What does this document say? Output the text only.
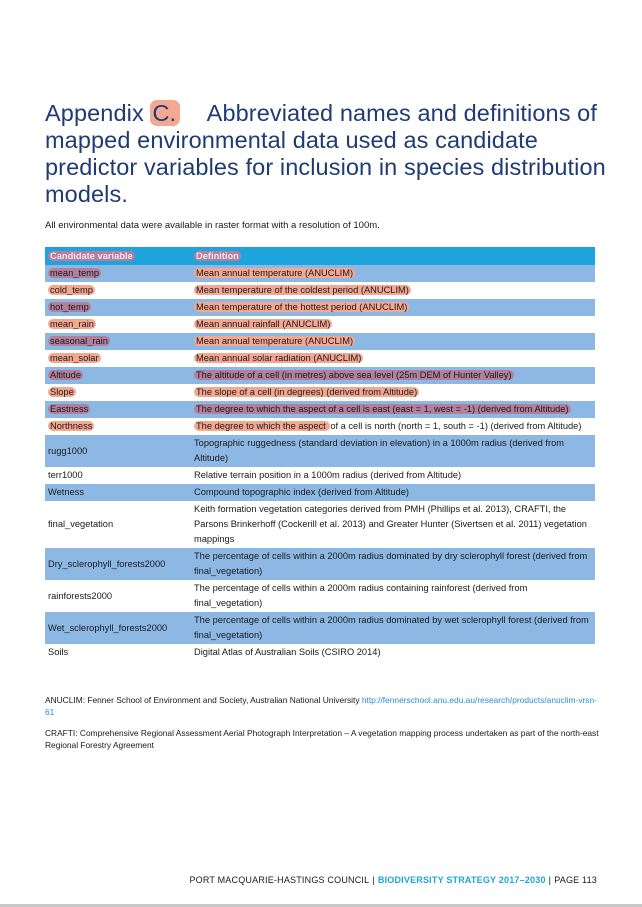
Appendix C. Abbreviated names and definitions of mapped environmental data used as candidate predictor variables for inclusion in species distribution models.
All environmental data were available in raster format with a resolution of 100m.
Candidate variable	Definition
mean_temp	Mean annual temperature (ANUCLIM)
cold_temp	Mean temperature of the coldest period (ANUCLIM)
hot_temp	Mean temperature of the hottest period (ANUCLIM)
mean_rain	Mean annual rainfall (ANUCLIM)
seasonal_rain	Mean annual temperature (ANUCLIM)
mean_solar	Mean annual solar radiation (ANUCLIM)
Altitude	The altitude of a cell (in metres) above sea level (25m DEM of Hunter Valley)
Slope	The slope of a cell (in degrees) (derived from Altitude)
Eastness	The degree to which the aspect of a cell is east (east = 1, west = -1) (derived from Altitude)
Northness	The degree to which the aspect of a cell is north (north = 1, south = -1) (derived from Altitude)
rugg1000	Topographic ruggedness (standard deviation in elevation) in a 1000m radius (derived from Altitude)
terr1000	Relative terrain position in a 1000m radius (derived from Altitude)
Wetness	Compound topographic index (derived from Altitude)
final_vegetation	Keith formation vegetation categories derived from PMH (Phillips et al. 2013), CRAFTI, the Parsons Brinkerhoff (Cockerill et al. 2013) and Greater Hunter (Sivertsen et al. 2011) vegetation mappings
Dry_sclerophyll_forests2000	The percentage of cells within a 2000m radius dominated by dry sclerophyll forest (derived from final_vegetation)
rainforests2000	The percentage of cells within a 2000m radius containing rainforest (derived from final_vegetation)
Wet_sclerophyll_forests2000	The percentage of cells within a 2000m radius dominated by wet sclerophyll forest (derived from final_vegetation)
Soils	Digital Atlas of Australian Soils (CSIRO 2014)

ANUCLIM: Fenner School of Environment and Society, Australian National University http://fennerschool.anu.edu.au/research/products/anuclim-vrsn-61

CRAFTI: Comprehensive Regional Assessment Aerial Photograph Interpretation – A vegetation mapping process undertaken as part of the north-east Regional Forestry Agreement

PORT MACQUARIE-HASTINGS COUNCIL | BIODIVERSITY STRATEGY 2017–2030 | PAGE 113
